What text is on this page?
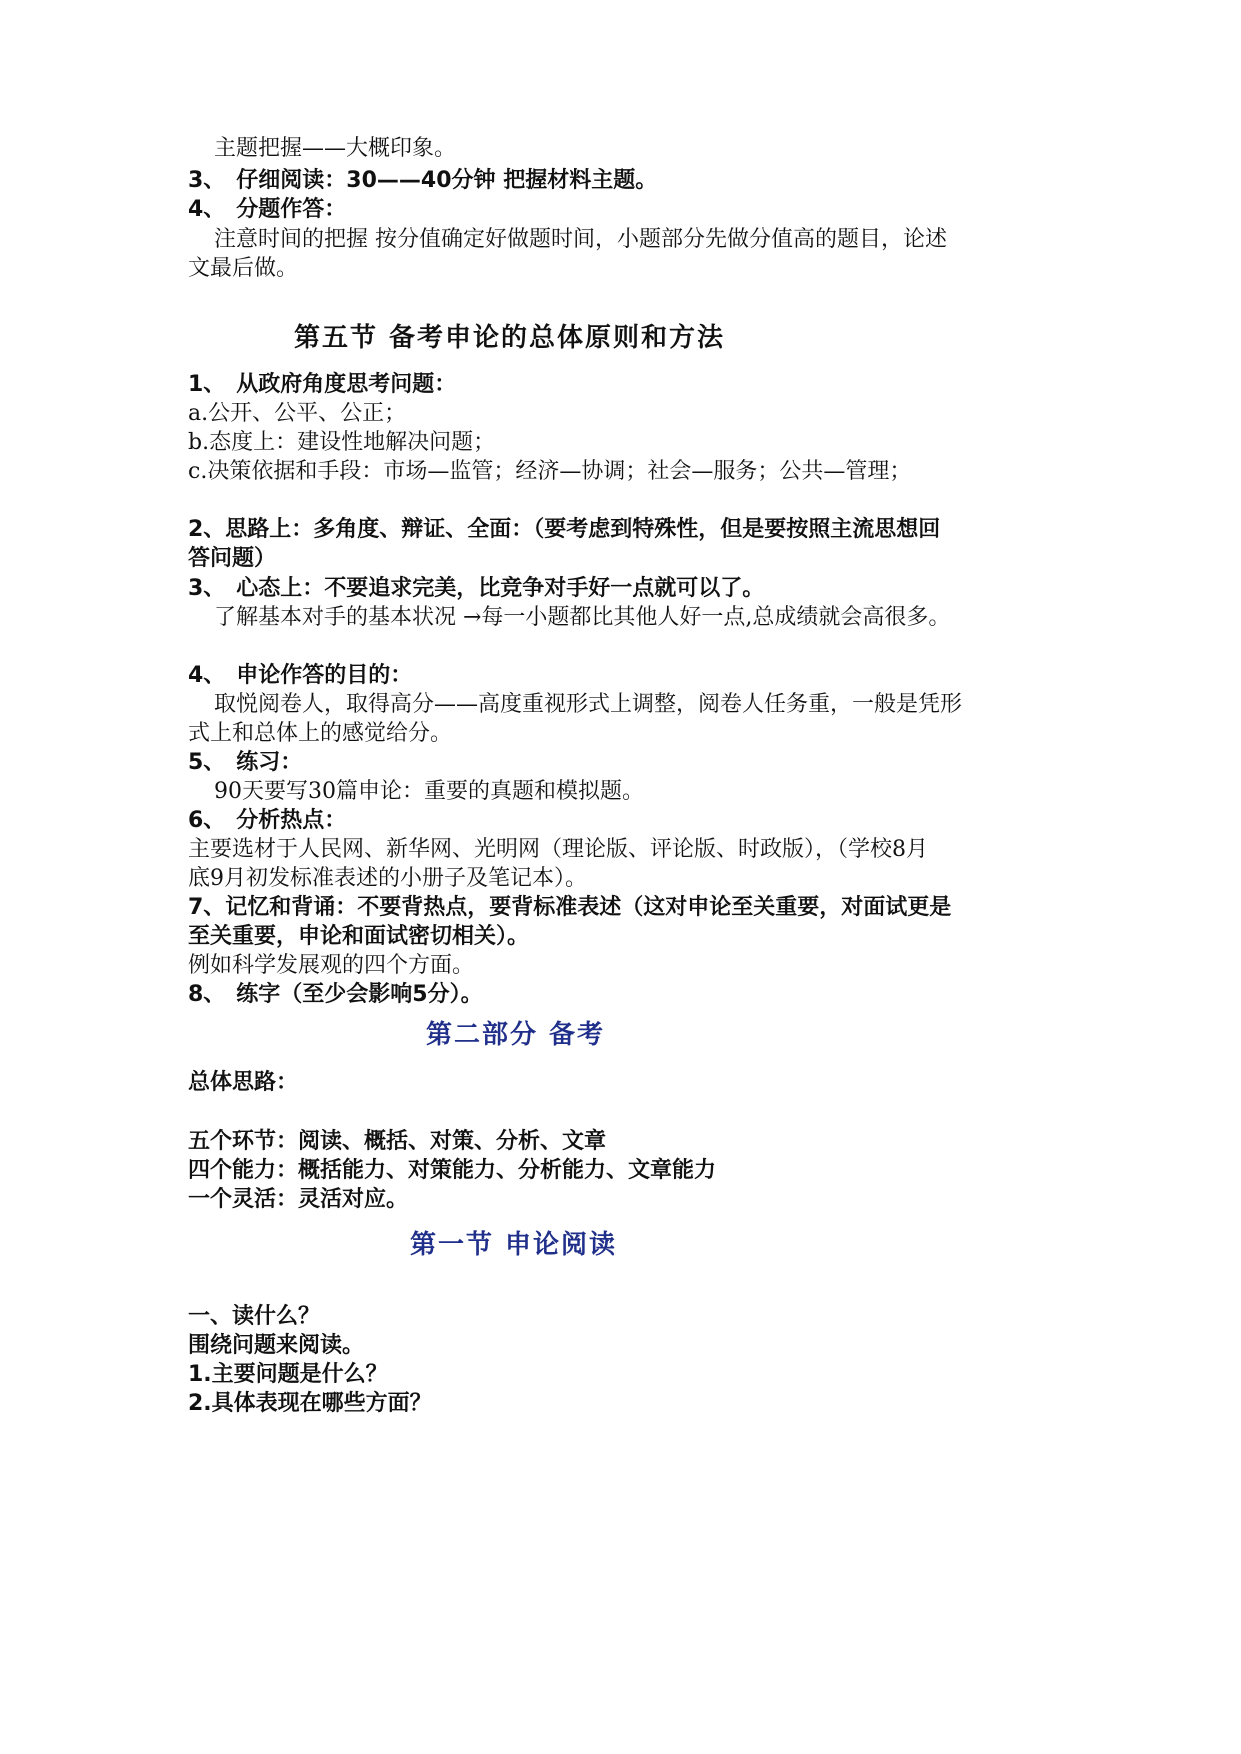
主题把握——大概印象。

3、　仔细阅读：30——40分钟 把握材料主题。

4、　分题作答：

注意时间的把握 按分值确定好做题时间，小题部分先做分值高的题目，论述

文最后做。

第五节 备考申论的总体原则和方法

1、　从政府角度思考问题：

a.公开、公平、公正；

b.态度上：建设性地解决问题；

c.决策依据和手段：市场—监管；经济—协调；社会—服务；公共—管理；

2、思路上：多角度、辩证、全面：（要考虑到特殊性，但是要按照主流思想回

答问题）

3、　心态上：不要追求完美，比竞争对手好一点就可以了。

了解基本对手的基本状况 →每一小题都比其他人好一点,总成绩就会高很多。

4、　申论作答的目的：

取悦阅卷人，取得高分——高度重视形式上调整，阅卷人任务重，一般是凭形

式上和总体上的感觉给分。

5、　练习：

90天要写30篇申论：重要的真题和模拟题。

6、　分析热点：

主要选材于人民网、新华网、光明网（理论版、评论版、时政版），（学校8月

底9月初发标准表述的小册子及笔记本）。

7、记忆和背诵：不要背热点，要背标准表述（这对申论至关重要，对面试更是

至关重要，申论和面试密切相关）。

例如科学发展观的四个方面。

8、　练字（至少会影响5分）。

第二部分 备考

总体思路：

五个环节：阅读、概括、对策、分析、文章

四个能力：概括能力、对策能力、分析能力、文章能力

一个灵活：灵活对应。

第一节 申论阅读

一、读什么？

围绕问题来阅读。

1.主要问题是什么？

2.具体表现在哪些方面？
